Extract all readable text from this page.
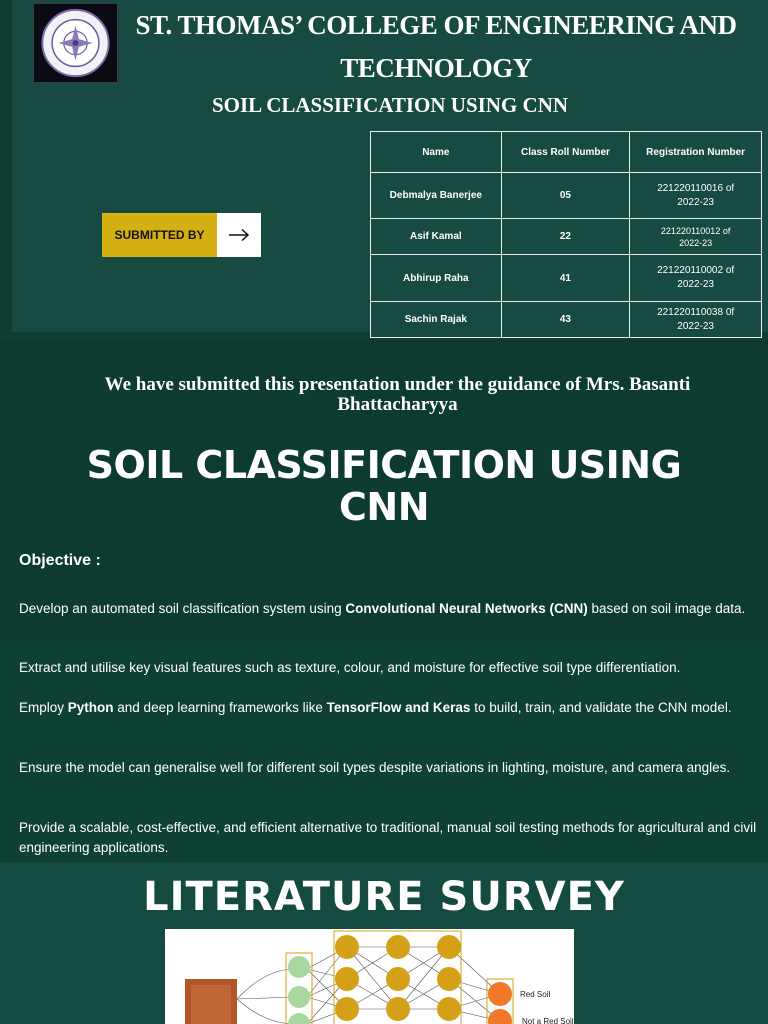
ST. THOMAS’ COLLEGE OF ENGINEERING AND
TECHNOLOGY
SOIL CLASSIFICATION USING CNN
SUBMITTED BY
Name	Class Roll Number	Registration Number
Debmalya Banerjee	05	221220110016 of
2022-23

Asif Kamal	22	221220110012 of
2022-23

Abhirup Raha	41	221220110002 of
2022-23

Sachin Rajak	43	221220110038 0f
2022-23
We have submitted this presentation under the guidance of Mrs. Basanti
Bhattacharyya
SOIL CLASSIFICATION USING
CNN
Objective :

Develop an automated soil classification system using Convolutional Neural Networks (CNN) based on soil image data.

Extract and utilise key visual features such as texture, colour, and moisture for effective soil type differentiation.

Employ Python and deep learning frameworks like TensorFlow and Keras to build, train, and validate the CNN model.

Ensure the model can generalise well for different soil types despite variations in lighting, moisture, and camera angles.

Provide a scalable, cost-effective, and efficient alternative to traditional, manual soil testing methods for agricultural and civil engineering applications.

LITERATURE SURVEY
Red Soil
Not a Red Soil
